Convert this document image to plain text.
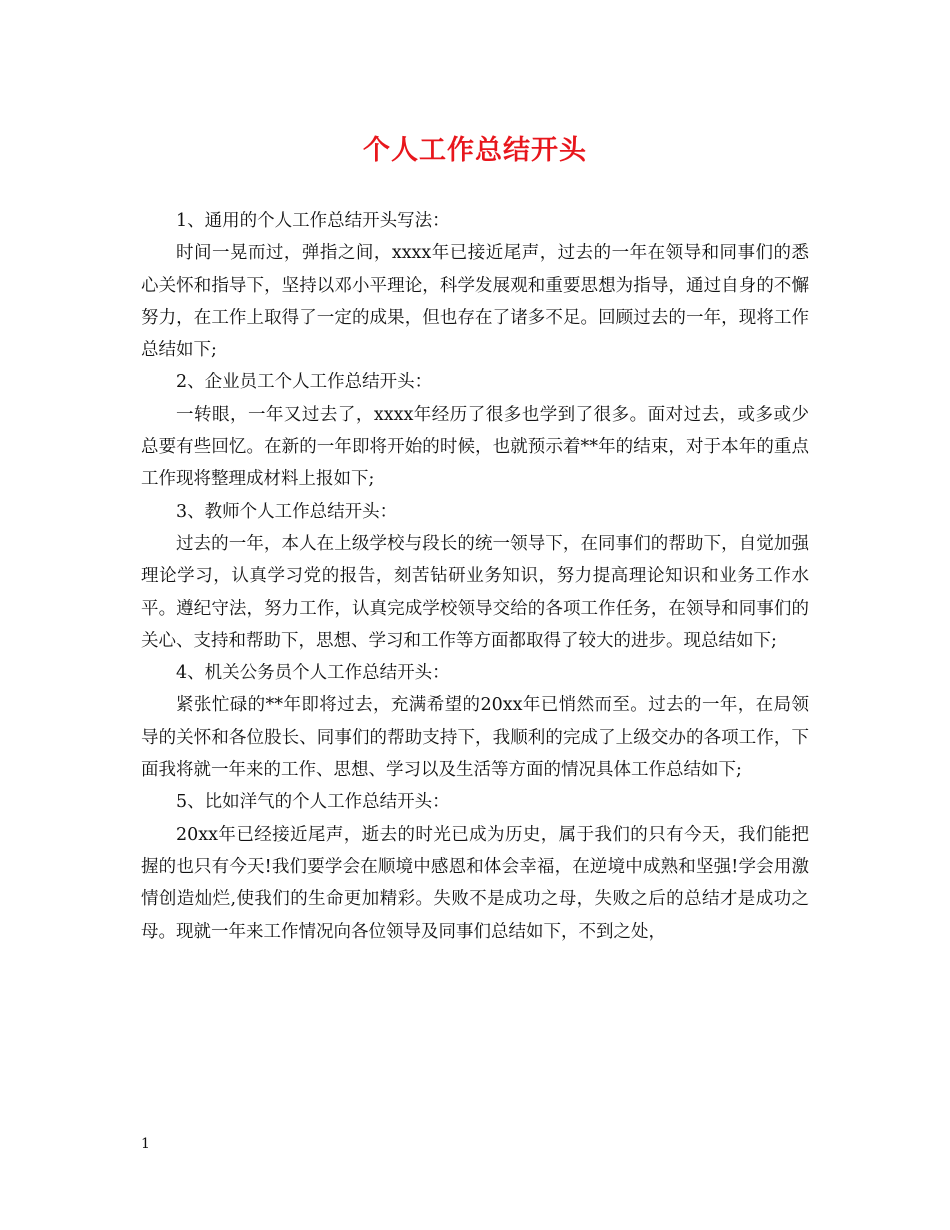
个人工作总结开头

1、通用的个人工作总结开头写法：

时间一晃而过，弹指之间，xxxx年已接近尾声，过去的一年在领导和同事们的悉心关怀和指导下，坚持以邓小平理论，科学发展观和重要思想为指导，通过自身的不懈努力，在工作上取得了一定的成果，但也存在了诸多不足。回顾过去的一年，现将工作总结如下;

2、企业员工个人工作总结开头：

一转眼，一年又过去了，xxxx年经历了很多也学到了很多。面对过去，或多或少总要有些回忆。在新的一年即将开始的时候，也就预示着**年的结束，对于本年的重点工作现将整理成材料上报如下;

3、教师个人工作总结开头：

过去的一年，本人在上级学校与段长的统一领导下，在同事们的帮助下，自觉加强理论学习，认真学习党的报告，刻苦钻研业务知识，努力提高理论知识和业务工作水平。遵纪守法，努力工作，认真完成学校领导交给的各项工作任务，在领导和同事们的关心、支持和帮助下，思想、学习和工作等方面都取得了较大的进步。现总结如下;

4、机关公务员个人工作总结开头：

紧张忙碌的**年即将过去，充满希望的20xx年已悄然而至。过去的一年，在局领导的关怀和各位股长、同事们的帮助支持下，我顺利的完成了上级交办的各项工作，下面我将就一年来的工作、思想、学习以及生活等方面的情况具体工作总结如下;

5、比如洋气的个人工作总结开头：

20xx年已经接近尾声，逝去的时光已成为历史，属于我们的只有今天，我们能把握的也只有今天!我们要学会在顺境中感恩和体会幸福，在逆境中成熟和坚强!学会用激情创造灿烂,使我们的生命更加精彩。失败不是成功之母，失败之后的总结才是成功之母。现就一年来工作情况向各位领导及同事们总结如下，不到之处，

1
